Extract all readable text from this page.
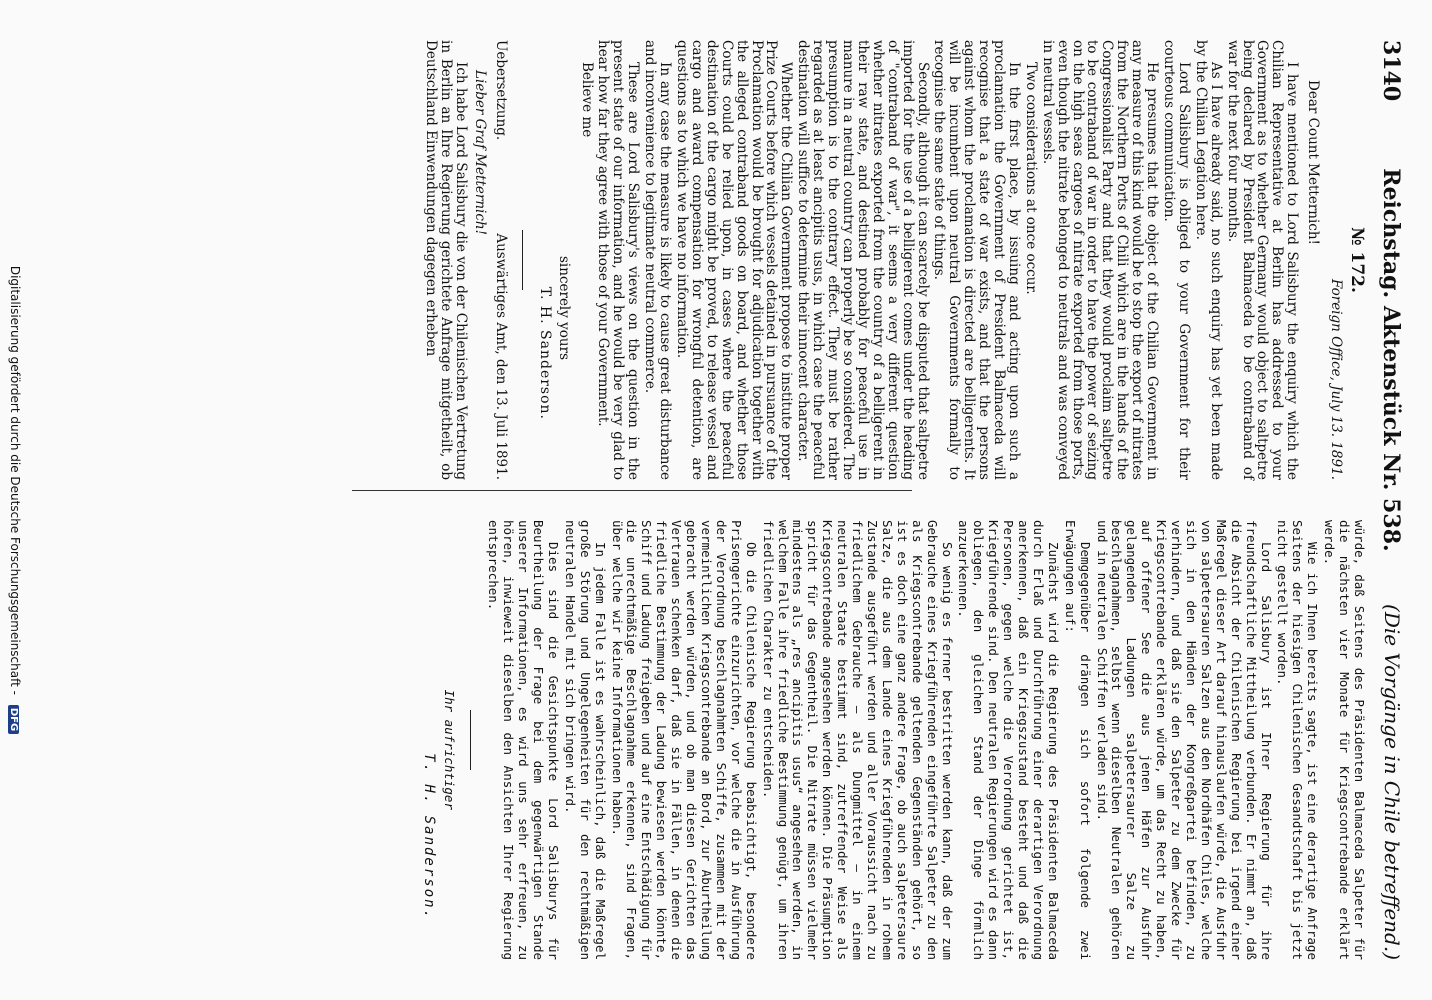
3140
Reichstag. Aktenstück Nr. 538.
(Die Vorgänge in Chile betreffend.)
№ 172.
Foreign Office, July 13. 1891.
Dear Count Metternich!

I have mentioned to Lord Salisbury the enquiry which the Chilian Representative at Berlin has addressed to your Government as to whether Germany would object to saltpetre being declared by President Balmaceda to be contraband of war for the next four months.

As I have already said, no such enquiry has yet been made by the Chilian Legation here.

Lord Salisbury is obliged to your Government for their courteous communication.

He presumes that the object of the Chilian Government in any measure of this kind would be to stop the export of nitrates from the Northern Ports of Chili which are in the hands of the Congressionalist Party and that they would proclaim saltpetre to be contraband of war in order to have the power of seizing on the high seas cargoes of nitrate exported from those ports, even though the nitrate belonged to neutrals and was conveyed in neutral vessels.

Two considerations at once occur.

In the first place, by issuing and acting upon such a proclamation the Government of President Balmaceda will recognise that a state of war exists, and that the persons against whom the proclamation is directed are belligerents. It will be incumbent upon neutral Governments formally to recognise the same state of things.

Secondly, although it can scarcely be disputed that saltpetre imported for the use of a belligerent comes under the heading of "contraband of war", it seems a very different question whether nitrates exported from the country of a belligerent in their raw state, and destined probably for peaceful use in manure in a neutral country can properly be so considered. The presumption is to the contrary effect. They must be rather regarded as at least ancipitis usus, in which case the peaceful destination will suffice to determine their innocent character.

Whether the Chilian Government propose to institute proper Prize Courts before which vessels detained in pursuance of the Proclamation would be brought for adjudication together with the alleged contraband goods on board, and whether those Courts could be relied upon, in cases where the peaceful destination of the cargo might be proved, to release vessel and cargo and award compensation for wrongful detention, are questions as to which we have no information.

In any case the measure is likely to cause great disturbance and inconvenience to legitimate neutral commerce.

These are Lord Salisbury's views on the question in the present state of our information, and he would be very glad to hear how far they agree with those of your Government.

Believe me

sincerely yours
T. H. Sanderson.
Uebersetzung.
Auswärtiges Amt, den 13. Juli 1891.
Lieber Graf Metternich!

Ich habe Lord Salisbury die von der Chilenischen Vertretung in Berlin an Ihre Regierung gerichtete Anfrage mitgetheilt, ob Deutschland Einwendungen dagegen erheben

würde, daß Seitens des Präsidenten Balmaceda Salpeter für die nächsten vier Monate für Kriegscontrebande erklärt werde.

Wie ich Ihnen bereits sagte, ist eine derartige Anfrage Seitens der hiesigen Chilenischen Gesandtschaft bis jetzt nicht gestellt worden.

Lord Salisbury ist Ihrer Regierung für ihre freundschaftliche Mittheilung verbunden. Er nimmt an, daß die Absicht der Chilenischen Regierung bei irgend einer Maßregel dieser Art darauf hinauslaufen würde, die Ausfuhr von salpetersauren Salzen aus den Nordhäfen Chiles, welche sich in den Händen der Kongreßpartei befinden, zu verhindern, und daß sie den Salpeter zu dem Zwecke für Kriegscontrebande erklären würde, um das Recht zu haben, auf offener See die aus jenen Häfen zur Ausfuhr gelangenden Ladungen salpetersaurer Salze zu beschlagnahmen, selbst wenn dieselben Neutralen gehören und in neutralen Schiffen verladen sind.

Demgegenüber drängen sich sofort folgende zwei Erwägungen auf:

Zunächst wird die Regierung des Präsidenten Balmaceda durch Erlaß und Durchführung einer derartigen Verordnung anerkennen, daß ein Kriegszustand besteht und daß die Personen, gegen welche die Verordnung gerichtet ist, Kriegführende sind. Den neutralen Regierungen wird es dann obliegen, den gleichen Stand der Dinge förmlich anzuerkennen.

So wenig es ferner bestritten werden kann, daß der zum Gebrauche eines Kriegführenden eingeführte Salpeter zu den als Kriegscontrebande geltenden Gegenständen gehört, so ist es doch eine ganz andere Frage, ob auch salpetersaure Salze, die aus dem Lande eines Kriegführenden in rohem Zustande ausgeführt werden und aller Voraussicht nach zu friedlichem Gebrauche — als Dungmittel — in einem neutralen Staate bestimmt sind, zutreffender Weise als Kriegscontrebande angesehen werden können. Die Präsumption spricht für das Gegentheil. Die Nitrate müssen vielmehr mindestens als „res ancipitis usus“ angesehen werden, in welchem Falle ihre friedliche Bestimmung genügt, um ihren friedlichen Charakter zu entscheiden.

Ob die Chilenische Regierung beabsichtigt, besondere Prisengerichte einzurichten, vor welche die in Ausführung der Verordnung beschlagnahmten Schiffe, zusammen mit der vermeintlichen Kriegscontrebande an Bord, zur Aburtheilung gebracht werden würden, und ob man diesen Gerichten das Vertrauen schenken darf, daß sie in Fällen, in denen die friedliche Bestimmung der Ladung bewiesen werden könnte, Schiff und Ladung freigeben und auf eine Entschädigung für die unrechtmäßige Beschlagnahme erkennen, sind Fragen, über welche wir keine Informationen haben.

In jedem Falle ist es wahrscheinlich, daß die Maßregel große Störung und Ungelegenheiten für den rechtmäßigen neutralen Handel mit sich bringen wird.

Dies sind die Gesichtspunkte Lord Salisburys für Beurtheilung der Frage bei dem gegenwärtigen Stande unserer Informationen, es wird uns sehr erfreuen, zu hören, inwieweit dieselben den Ansichten Ihrer Regierung entsprechen.

Ihr aufrichtiger
T. H. Sanderson.
Digitalisierung gefördert durch die Deutsche Forschungsgemeinschaft - DFG
